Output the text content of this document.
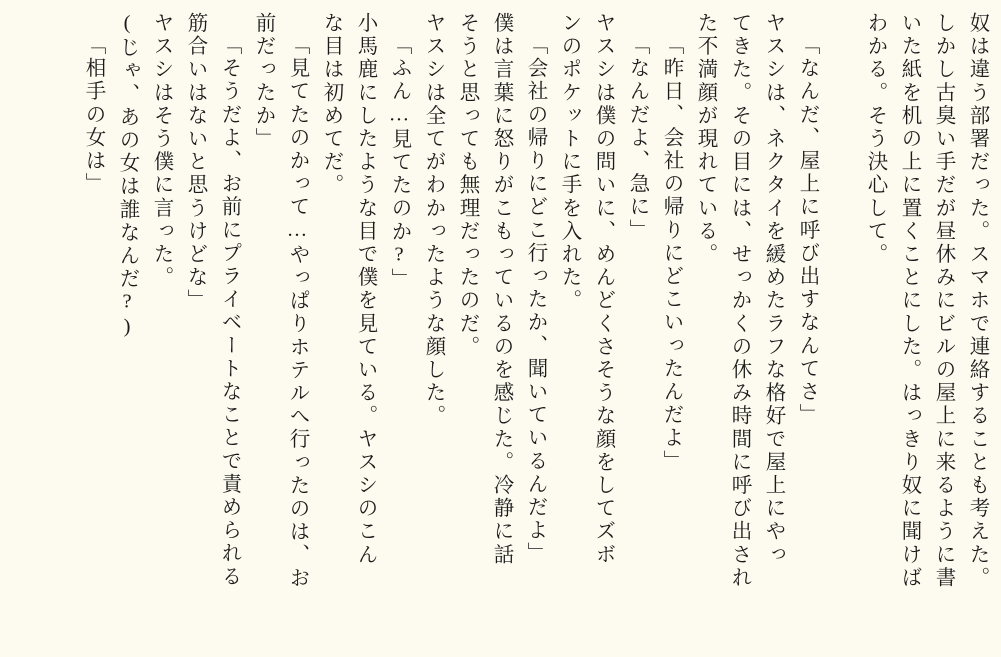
奴は違う部署だった。スマホで連絡することも考えた。
しかし古臭い手だが昼休みにビルの屋上に来るように書
いた紙を机の上に置くことにした。はっきり奴に聞けば
わかる。そう決心して。
「なんだ、屋上に呼び出すなんてさ」
ヤスシは、ネクタイを緩めたラフな格好で屋上にやっ
てきた。その目には、せっかくの休み時間に呼び出され
た不満顔が現れている。
「昨日、会社の帰りにどこいったんだよ」
「なんだよ、急に」
ヤスシは僕の問いに、めんどくさそうな顔をしてズボ
ンのポケットに手を入れた。
「会社の帰りにどこ行ったか、聞いているんだよ」
僕は言葉に怒りがこもっているのを感じた。冷静に話
そうと思っても無理だったのだ。
ヤスシは全てがわかったような顔した。
「ふん…見てたのか?」
小馬鹿にしたような目で僕を見ている。ヤスシのこん
な目は初めてだ。
「見てたのかって…やっぱりホテルへ行ったのは、お
前だったか」
「そうだよ、お前にプライベートなことで責められる
筋合いはないと思うけどな」
ヤスシはそう僕に言った。
(じゃ、あの女は誰なんだ?)
「相手の女は」
